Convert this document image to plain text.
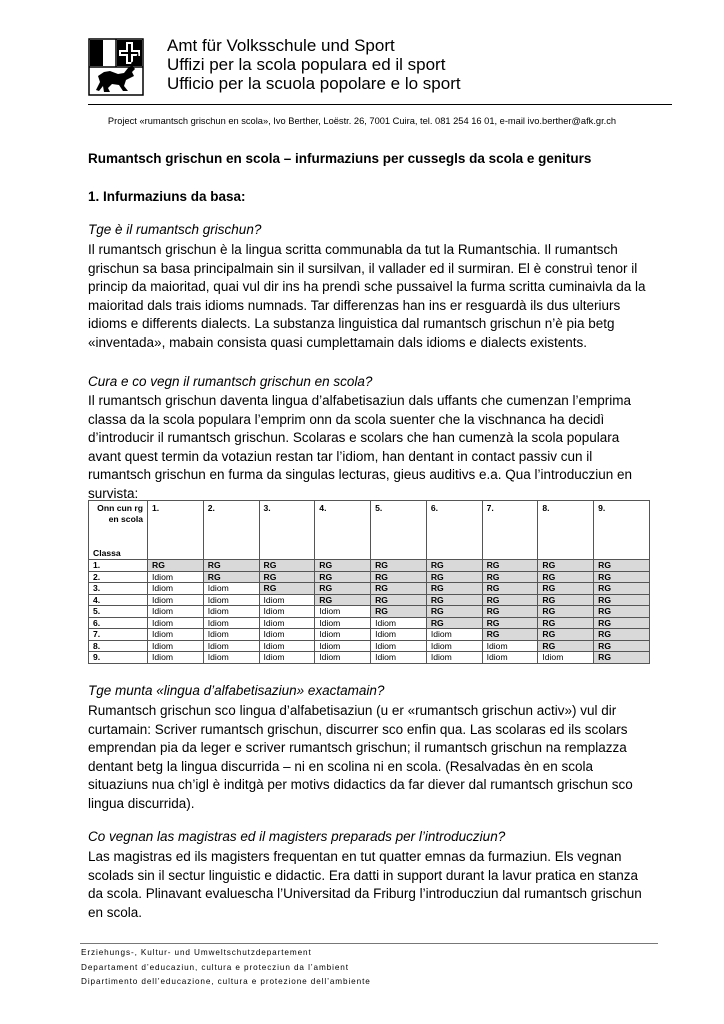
Amt für Volksschule und Sport
Uffizi per la scola populara ed il sport
Ufficio per la scuola popolare e lo sport
Project «rumantsch grischun en scola», Ivo Berther, Loëstr. 26, 7001 Cuira, tel. 081 254 16 01, e-mail ivo.berther@afk.gr.ch
Rumantsch grischun en scola – infurmaziuns per cussegls da scola e geniturs
1. Infurmaziuns da basa:
Tge è il rumantsch grischun?
Il rumantsch grischun è la lingua scritta communabla da tut la Rumantschia. Il rumantsch grischun sa basa principalmain sin il sursilvan, il vallader ed il surmiran. El è construì tenor il princip da maioritad, quai vul dir ins ha prendì sche pussaivel la furma scritta cuminaivla da la maioritad dals trais idioms numnads. Tar differenzas han ins er resguardà ils dus ulteriurs idioms e differents dialects. La substanza linguistica dal rumantsch grischun n’è pia betg «inventada», mabain consista quasi cumplettamain dals idioms e dialects existents.
Cura e co vegn il rumantsch grischun en scola?
Il rumantsch grischun daventa lingua d’alfabetisaziun dals uffants che cumenzan l’emprima classa da la scola populara l’emprim onn da scola suenter che la vischnanca ha decidì d’introducir il rumantsch grischun. Scolaras e scolars che han cumenzà la scola populara avant quest termin da votaziun restan tar l’idiom, han dentant in contact passiv cun il rumantsch grischun en furma da singulas lecturas, gieus auditivs e.a. Qua l’introducziun en survista:
Onn cun rg en scola
Classa	1.	2.	3.	4.	5.	6.	7.	8.	9.
1.	RG	RG	RG	RG	RG	RG	RG	RG	RG
2.	Idiom	RG	RG	RG	RG	RG	RG	RG	RG
3.	Idiom	Idiom	RG	RG	RG	RG	RG	RG	RG
4.	Idiom	Idiom	Idiom	RG	RG	RG	RG	RG	RG
5.	Idiom	Idiom	Idiom	Idiom	RG	RG	RG	RG	RG
6.	Idiom	Idiom	Idiom	Idiom	Idiom	RG	RG	RG	RG
7.	Idiom	Idiom	Idiom	Idiom	Idiom	Idiom	RG	RG	RG
8.	Idiom	Idiom	Idiom	Idiom	Idiom	Idiom	Idiom	RG	RG
9.	Idiom	Idiom	Idiom	Idiom	Idiom	Idiom	Idiom	Idiom	RG
Tge munta «lingua d’alfabetisaziun» exactamain?
Rumantsch grischun sco lingua d’alfabetisaziun (u er «rumantsch grischun activ») vul dir curtamain: Scriver rumantsch grischun, discurrer sco enfin qua. Las scolaras ed ils scolars emprendan pia da leger e scriver rumantsch grischun; il rumantsch grischun na remplazza dentant betg la lingua discurrida – ni en scolina ni en scola. (Resalvadas èn en scola situaziuns nua ch’igl è inditgà per motivs didactics da far diever dal rumantsch grischun sco lingua discurrida).
Co vegnan las magistras ed il magisters preparads per l’introducziun?
Las magistras ed ils magisters frequentan en tut quatter emnas da furmaziun. Els vegnan scolads sin il sectur linguistic e didactic. Era datti in support durant la lavur pratica en stanza da scola. Plinavant evaluescha l’Universitad da Friburg l’introducziun dal rumantsch grischun en scola.
Erziehungs-, Kultur- und Umweltschutzdepartement
Departament d’educaziun, cultura e protecziun da l’ambient
Dipartimento dell’educazione, cultura e protezione dell’ambiente
